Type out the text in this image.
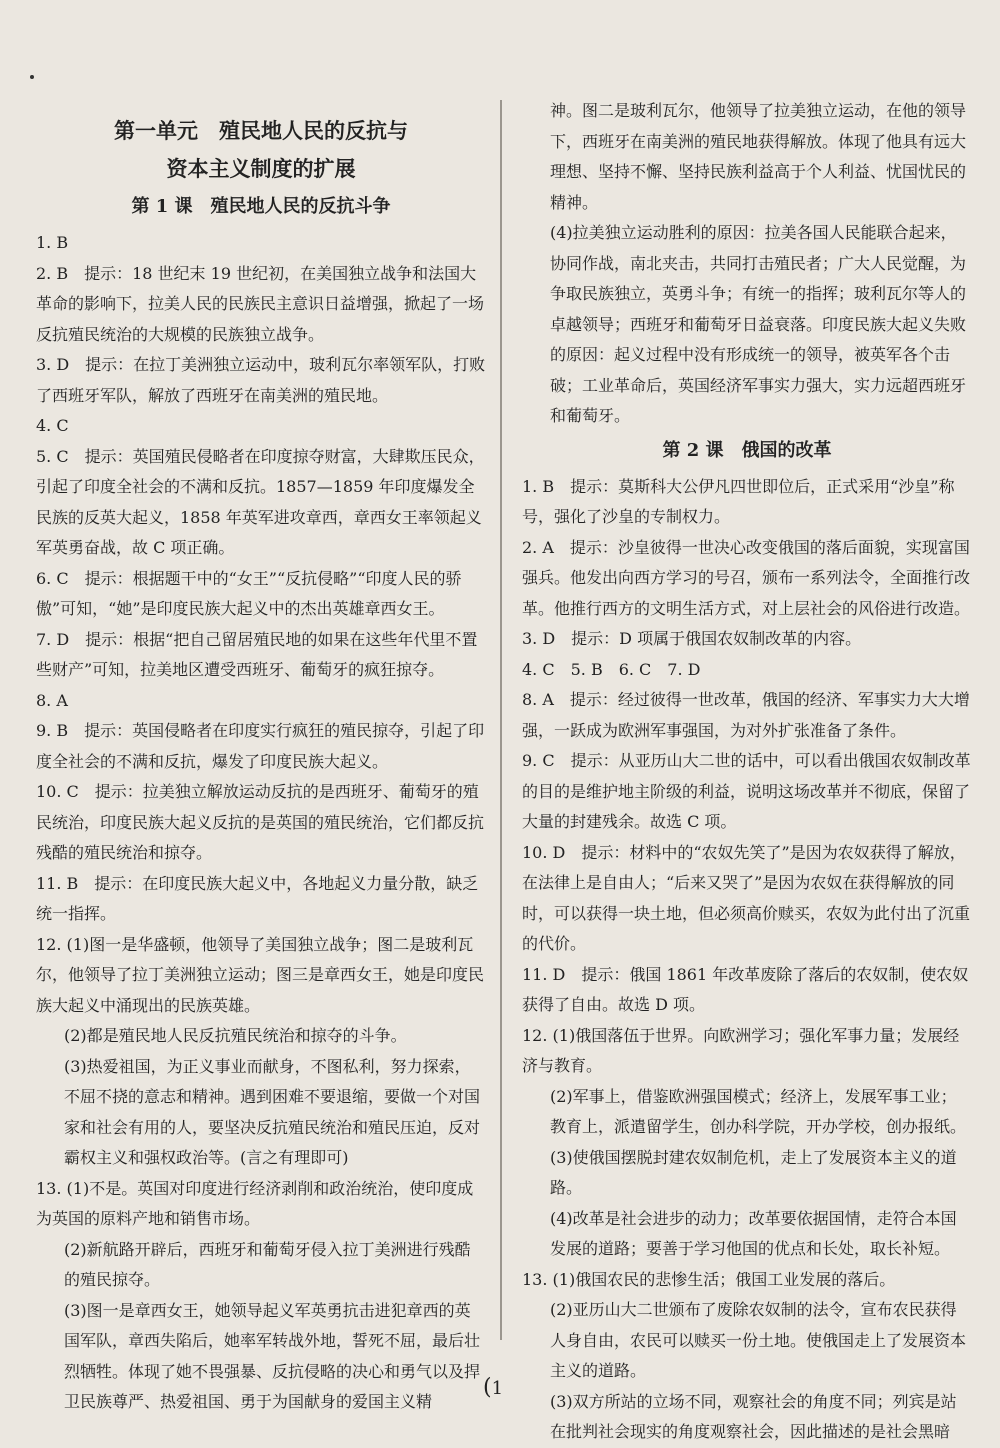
第一单元　殖民地人民的反抗与
资本主义制度的扩展
第 1 课　殖民地人民的反抗斗争

1. B

2. B　提示：18 世纪末 19 世纪初，在美国独立战争和法国大革命的影响下，拉美人民的民族民主意识日益增强，掀起了一场反抗殖民统治的大规模的民族独立战争。

3. D　提示：在拉丁美洲独立运动中，玻利瓦尔率领军队，打败了西班牙军队，解放了西班牙在南美洲的殖民地。

4. C

5. C　提示：英国殖民侵略者在印度掠夺财富，大肆欺压民众，引起了印度全社会的不满和反抗。1857—1859 年印度爆发全民族的反英大起义，1858 年英军进攻章西，章西女王率领起义军英勇奋战，故 C 项正确。

6. C　提示：根据题干中的“女王”“反抗侵略”“印度人民的骄傲”可知，“她”是印度民族大起义中的杰出英雄章西女王。

7. D　提示：根据“把自己留居殖民地的如果在这些年代里不置些财产”可知，拉美地区遭受西班牙、葡萄牙的疯狂掠夺。

8. A

9. B　提示：英国侵略者在印度实行疯狂的殖民掠夺，引起了印度全社会的不满和反抗，爆发了印度民族大起义。

10. C　提示：拉美独立解放运动反抗的是西班牙、葡萄牙的殖民统治，印度民族大起义反抗的是英国的殖民统治，它们都反抗残酷的殖民统治和掠夺。

11. B　提示：在印度民族大起义中，各地起义力量分散，缺乏统一指挥。

12. (1)图一是华盛顿，他领导了美国独立战争；图二是玻利瓦尔，他领导了拉丁美洲独立运动；图三是章西女王，她是印度民族大起义中涌现出的民族英雄。

(2)都是殖民地人民反抗殖民统治和掠夺的斗争。

(3)热爱祖国，为正义事业而献身，不图私利，努力探索，不屈不挠的意志和精神。遇到困难不要退缩，要做一个对国家和社会有用的人，要坚决反抗殖民统治和殖民压迫，反对霸权主义和强权政治等。(言之有理即可)

13. (1)不是。英国对印度进行经济剥削和政治统治，使印度成为英国的原料产地和销售市场。

(2)新航路开辟后，西班牙和葡萄牙侵入拉丁美洲进行残酷的殖民掠夺。

(3)图一是章西女王，她领导起义军英勇抗击进犯章西的英国军队，章西失陷后，她率军转战外地，誓死不屈，最后壮烈牺牲。体现了她不畏强暴、反抗侵略的决心和勇气以及捍卫民族尊严、热爱祖国、勇于为国献身的爱国主义精

神。图二是玻利瓦尔，他领导了拉美独立运动，在他的领导下，西班牙在南美洲的殖民地获得解放。体现了他具有远大理想、坚持不懈、坚持民族利益高于个人利益、忧国忧民的精神。

(4)拉美独立运动胜利的原因：拉美各国人民能联合起来，协同作战，南北夹击，共同打击殖民者；广大人民觉醒，为争取民族独立，英勇斗争；有统一的指挥；玻利瓦尔等人的卓越领导；西班牙和葡萄牙日益衰落。印度民族大起义失败的原因：起义过程中没有形成统一的领导，被英军各个击破；工业革命后，英国经济军事实力强大，实力远超西班牙和葡萄牙。

第 2 课　俄国的改革

1. B　提示：莫斯科大公伊凡四世即位后，正式采用“沙皇”称号，强化了沙皇的专制权力。

2. A　提示：沙皇彼得一世决心改变俄国的落后面貌，实现富国强兵。他发出向西方学习的号召，颁布一系列法令，全面推行改革。他推行西方的文明生活方式，对上层社会的风俗进行改造。

3. D　提示：D 项属于俄国农奴制改革的内容。

4. C　5. B　6. C　7. D

8. A　提示：经过彼得一世改革，俄国的经济、军事实力大大增强，一跃成为欧洲军事强国，为对外扩张准备了条件。

9. C　提示：从亚历山大二世的话中，可以看出俄国农奴制改革的目的是维护地主阶级的利益，说明这场改革并不彻底，保留了大量的封建残余。故选 C 项。

10. D　提示：材料中的“农奴先笑了”是因为农奴获得了解放，在法律上是自由人；“后来又哭了”是因为农奴在获得解放的同时，可以获得一块土地，但必须高价赎买，农奴为此付出了沉重的代价。

11. D　提示：俄国 1861 年改革废除了落后的农奴制，使农奴获得了自由。故选 D 项。

12. (1)俄国落伍于世界。向欧洲学习；强化军事力量；发展经济与教育。

(2)军事上，借鉴欧洲强国模式；经济上，发展军事工业；教育上，派遣留学生，创办科学院，开办学校，创办报纸。

(3)使俄国摆脱封建农奴制危机，走上了发展资本主义的道路。

(4)改革是社会进步的动力；改革要依据国情，走符合本国发展的道路；要善于学习他国的优点和长处，取长补短。

13. (1)俄国农民的悲惨生活；俄国工业发展的落后。

(2)亚历山大二世颁布了废除农奴制的法令，宣布农民获得人身自由，农民可以赎买一份土地。使俄国走上了发展资本主义的道路。

(3)双方所站的立场不同，观察社会的角度不同；列宾是站在批判社会现实的角度观察社会，因此描述的是社会黑暗

(1
